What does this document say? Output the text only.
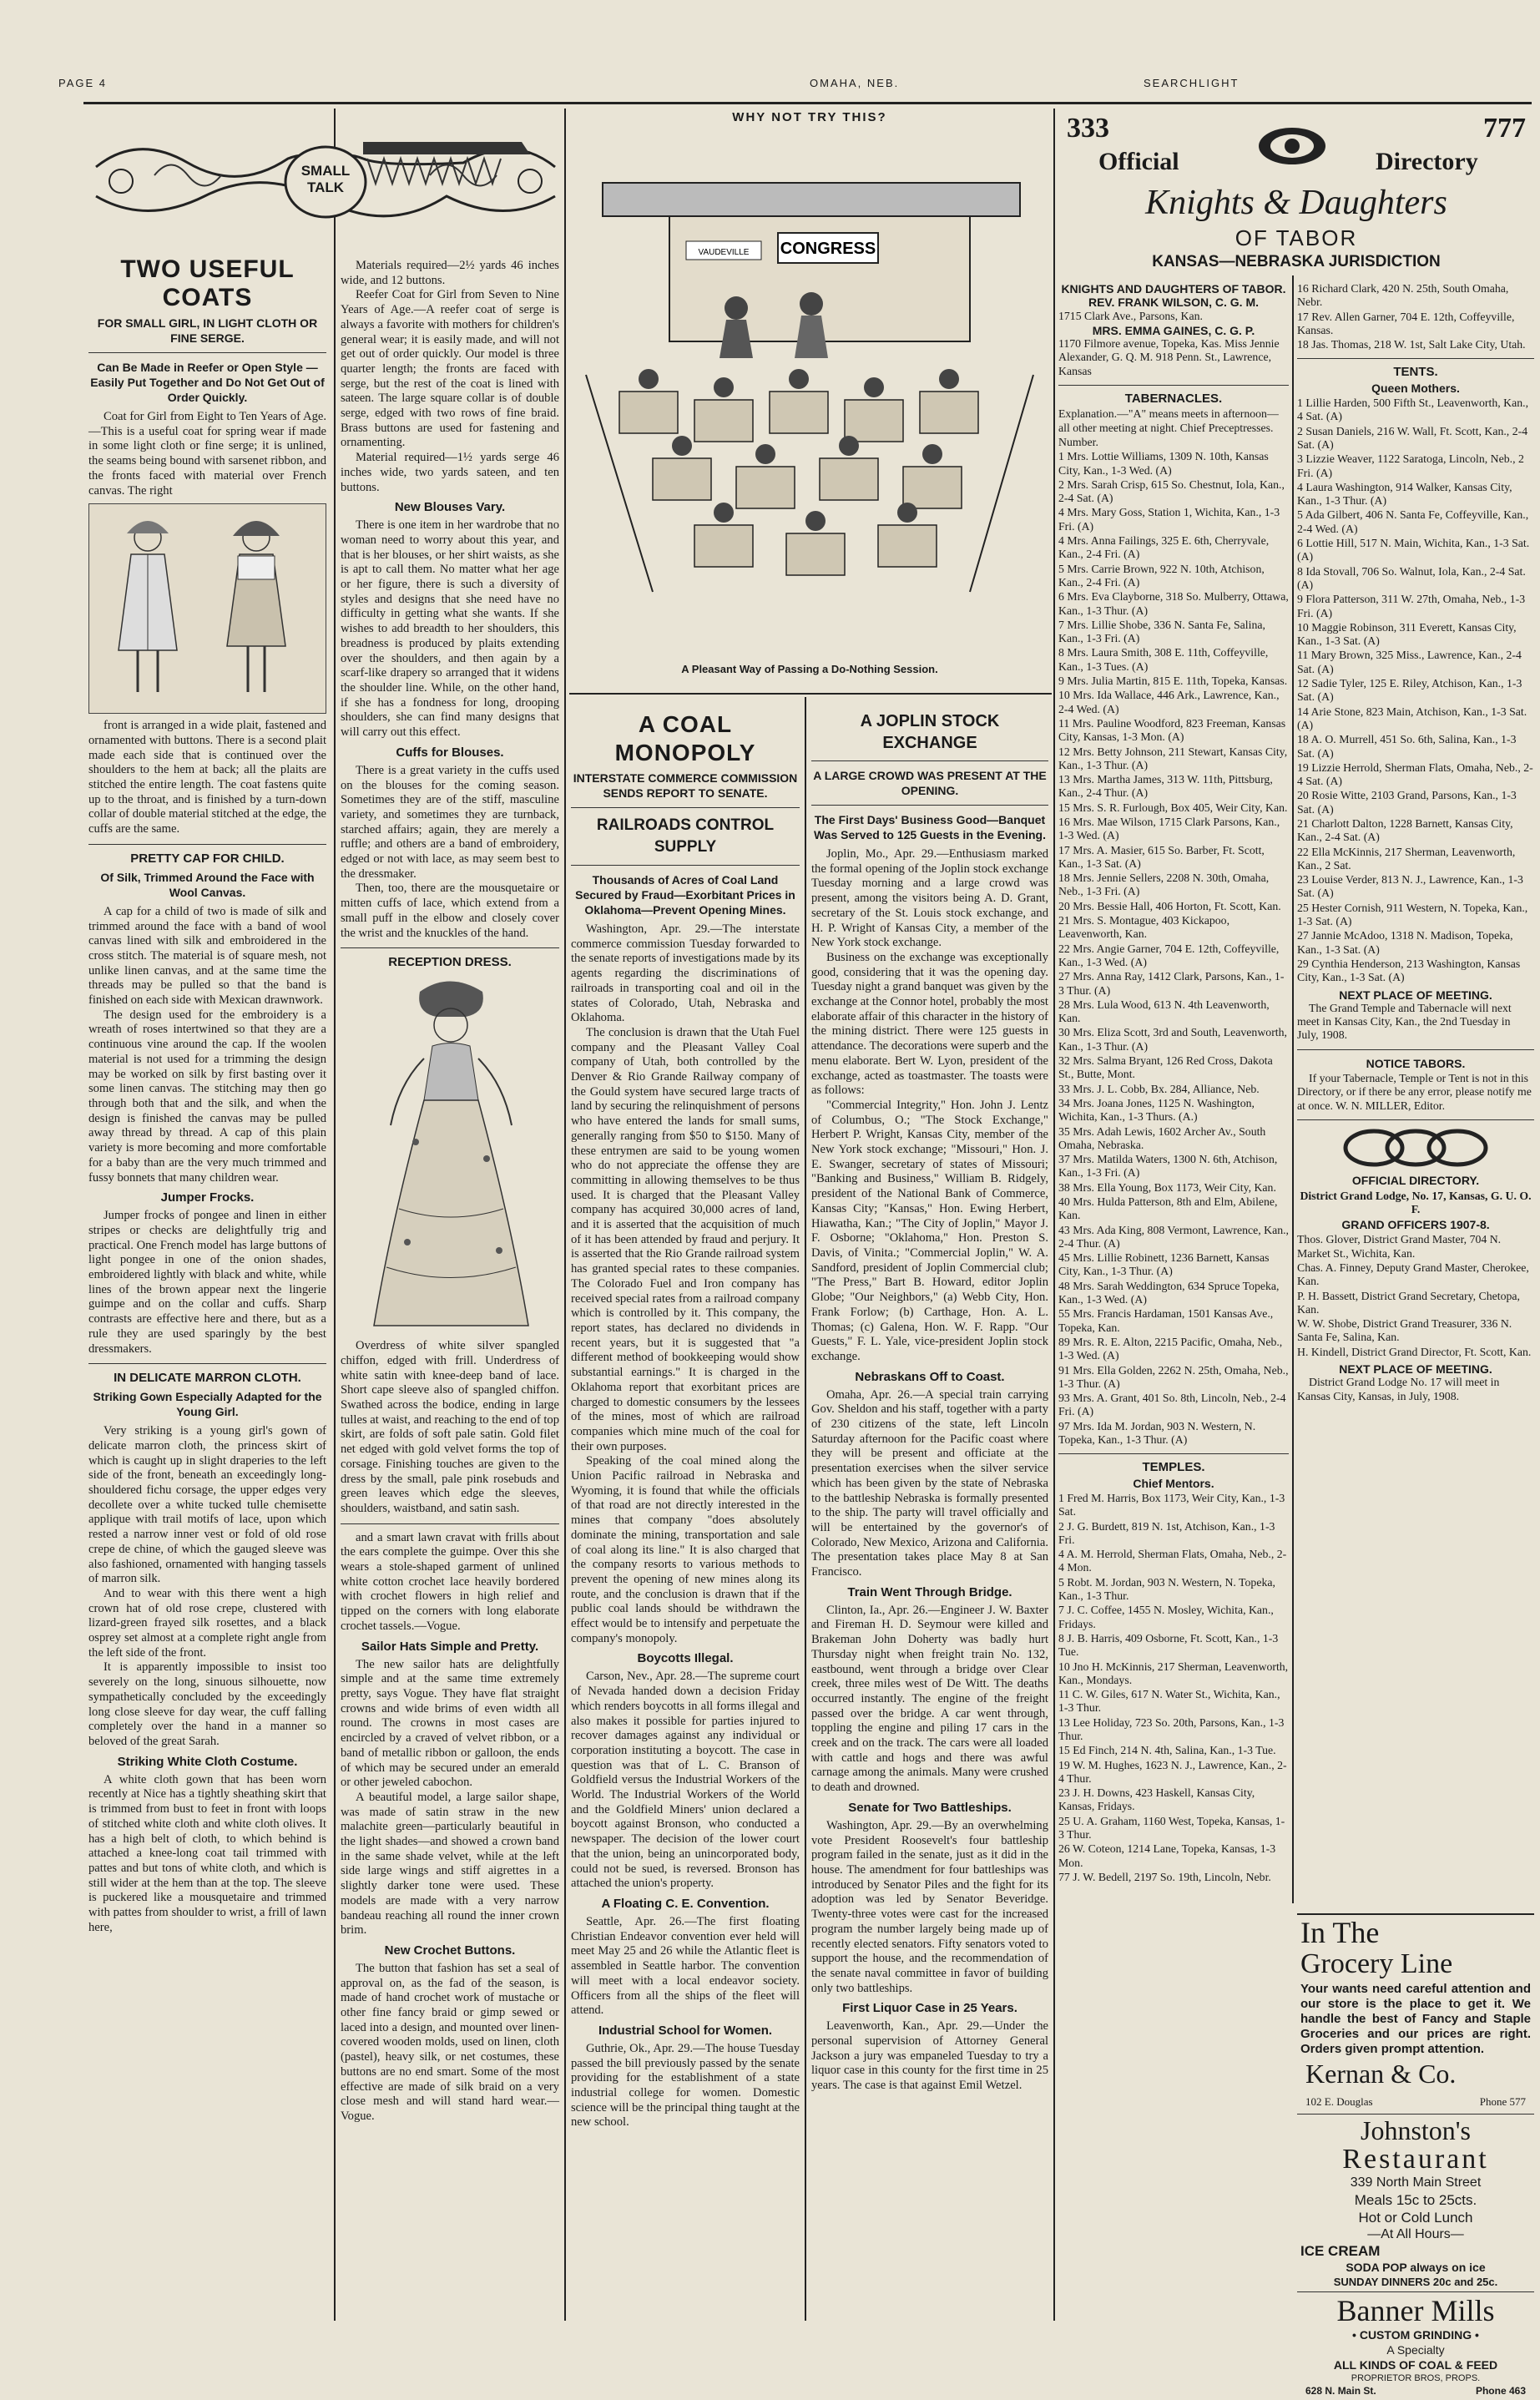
PAGE 4	OMAHA, NEB.	SEARCHLIGHT
SMALL TALK
TWO USEFUL COATS
FOR SMALL GIRL, IN LIGHT CLOTH OR FINE SERGE.
Can Be Made in Reefer or Open Style —Easily Put Together and Do Not Get Out of Order Quickly.

Coat for Girl from Eight to Ten Years of Age.—This is a useful coat for spring wear if made in some light cloth or fine serge; it is unlined, the seams being bound with sarsenet ribbon, and the fronts faced with material over French canvas. The right

front is arranged in a wide plait, fastened and ornamented with buttons. There is a second plait made each side that is continued over the shoulders to the hem at back; all the plaits are stitched the entire length. The coat fastens quite up to the throat, and is finished by a turn-down collar of double material stitched at the edge, the cuffs are the same.

PRETTY CAP FOR CHILD.
Of Silk, Trimmed Around the Face with Wool Canvas.

A cap for a child of two is made of silk and trimmed around the face with a band of wool canvas lined with silk and embroidered in the cross stitch. The material is of square mesh, not unlike linen canvas, and at the same time the threads may be pulled so that the band is finished on each side with Mexican drawnwork.

The design used for the embroidery is a wreath of roses intertwined so that they are a continuous vine around the cap. If the woolen material is not used for a trimming the design may be worked on silk by first basting over it some linen canvas. The stitching may then go through both that and the silk, and when the design is finished the canvas may be pulled away thread by thread. A cap of this plain variety is more becoming and more comfortable for a baby than are the very much trimmed and fussy bonnets that many children wear.

Jumper Frocks.

Jumper frocks of pongee and linen in either stripes or checks are delightfully trig and practical. One French model has large buttons of light pongee in one of the onion shades, embroidered lightly with black and white, while lines of the brown appear next the lingerie guimpe and on the collar and cuffs. Sharp contrasts are effective here and there, but as a rule they are used sparingly by the best dressmakers.

IN DELICATE MARRON CLOTH.
Striking Gown Especially Adapted for the Young Girl.

Very striking is a young girl's gown of delicate marron cloth, the princess skirt of which is caught up in slight draperies to the left side of the front, beneath an exceedingly long-shouldered fichu corsage, the upper edges very decollete over a white tucked tulle chemisette applique with trail motifs of lace, upon which rested a narrow inner vest or fold of old rose crepe de chine, of which the gauged sleeve was also fashioned, ornamented with hanging tassels of marron silk.

And to wear with this there went a high crown hat of old rose crepe, clustered with lizard-green frayed silk rosettes, and a black osprey set almost at a complete right angle from the left side of the front.

It is apparently impossible to insist too severely on the long, sinuous silhouette, now sympathetically concluded by the exceedingly long close sleeve for day wear, the cuff falling completely over the hand in a manner so beloved of the great Sarah.

Striking White Cloth Costume.

A white cloth gown that has been worn recently at Nice has a tightly sheathing skirt that is trimmed from bust to feet in front with loops of stitched white cloth and white cloth olives. It has a high belt of cloth, to which behind is attached a knee-long coat tail trimmed with pattes and but tons of white cloth, and which is still wider at the hem than at the top. The sleeve is puckered like a mousquetaire and trimmed with pattes from shoulder to wrist, a frill of lawn here,

Materials required—2½ yards 46 inches wide, and 12 buttons.

Reefer Coat for Girl from Seven to Nine Years of Age.—A reefer coat of serge is always a favorite with mothers for children's general wear; it is easily made, and will not get out of order quickly. Our model is three quarter length; the fronts are faced with serge, but the rest of the coat is lined with sateen. The large square collar is of double serge, edged with two rows of fine braid. Brass buttons are used for fastening and ornamenting.

Material required—1½ yards serge 46 inches wide, two yards sateen, and ten buttons.

New Blouses Vary.

There is one item in her wardrobe that no woman need to worry about this year, and that is her blouses, or her shirt waists, as she is apt to call them. No matter what her age or her figure, there is such a diversity of styles and designs that she need have no difficulty in getting what she wants. If she wishes to add breadth to her shoulders, this breadness is produced by plaits extending over the shoulders, and then again by a scarf-like drapery so arranged that it widens the shoulder line. While, on the other hand, if she has a fondness for long, drooping shoulders, she can find many designs that will carry out this effect.

Cuffs for Blouses.

There is a great variety in the cuffs used on the blouses for the coming season. Sometimes they are of the stiff, masculine variety, and sometimes they are turnback, starched affairs; again, they are merely a ruffle; and others are a band of embroidery, edged or not with lace, as may seem best to the dressmaker.

Then, too, there are the mousquetaire or mitten cuffs of lace, which extend from a small puff in the elbow and closely cover the wrist and the knuckles of the hand.

RECEPTION DRESS.

Overdress of white silver spangled chiffon, edged with frill. Underdress of white satin with knee-deep band of lace. Short cape sleeve also of spangled chiffon. Swathed across the bodice, ending in large tulles at waist, and reaching to the end of top skirt, are folds of soft pale satin. Gold filet net edged with gold velvet forms the top of corsage. Finishing touches are given to the dress by the small, pale pink rosebuds and green leaves which edge the sleeves, shoulders, waistband, and satin sash.

and a smart lawn cravat with frills about the ears complete the guimpe. Over this she wears a stole-shaped garment of unlined white cotton crochet lace heavily bordered with crochet flowers in high relief and tipped on the corners with long elaborate crochet tassels.—Vogue.

Sailor Hats Simple and Pretty.

The new sailor hats are delightfully simple and at the same time extremely pretty, says Vogue. They have flat straight crowns and wide brims of even width all round. The crowns in most cases are encircled by a craved of velvet ribbon, or a band of metallic ribbon or galloon, the ends of which may be secured under an emerald or other jeweled cabochon.

A beautiful model, a large sailor shape, was made of satin straw in the new malachite green—particularly beautiful in the light shades—and showed a crown band in the same shade velvet, while at the left side large wings and stiff aigrettes in a slightly darker tone were used. These models are made with a very narrow bandeau reaching all round the inner crown brim.

New Crochet Buttons.

The button that fashion has set a seal of approval on, as the fad of the season, is made of hand crochet work of mustache or other fine fancy braid or gimp sewed or laced into a design, and mounted over linen-covered wooden molds, used on linen, cloth (pastel), heavy silk, or net costumes, these buttons are no end smart. Some of the most effective are made of silk braid on a very close mesh and will stand hard wear.—Vogue.

WHY NOT TRY THIS?
CONGRESS
VAUDEVILLE
A Pleasant Way of Passing a Do-Nothing Session.
A COAL MONOPOLY
INTERSTATE COMMERCE COMMISSION SENDS REPORT TO SENATE.
RAILROADS CONTROL SUPPLY
Thousands of Acres of Coal Land Secured by Fraud—Exorbitant Prices in Oklahoma—Prevent Opening Mines.

Washington, Apr. 29.—The interstate commerce commission Tuesday forwarded to the senate reports of investigations made by its agents regarding the discriminations of railroads in transporting coal and oil in the states of Colorado, Utah, Nebraska and Oklahoma.

The conclusion is drawn that the Utah Fuel company and the Pleasant Valley Coal company of Utah, both controlled by the Denver & Rio Grande Railway company of the Gould system have secured large tracts of land by securing the relinquishment of persons who have entered the lands for small sums, generally ranging from $50 to $150. Many of these entrymen are said to be young women who do not appreciate the offense they are committing in allowing themselves to be thus used. It is charged that the Pleasant Valley company has acquired 30,000 acres of land, and it is asserted that the acquisition of much of it has been attended by fraud and perjury. It is asserted that the Rio Grande railroad system has granted special rates to these companies. The Colorado Fuel and Iron company has received special rates from a railroad company which is controlled by it. This company, the report states, has declared no dividends in recent years, but it is suggested that "a different method of bookkeeping would show substantial earnings." It is charged in the Oklahoma report that exorbitant prices are charged to domestic consumers by the lessees of the mines, most of which are railroad companies which mine much of the coal for their own purposes.

Speaking of the coal mined along the Union Pacific railroad in Nebraska and Wyoming, it is found that while the officials of that road are not directly interested in the mines that company "does absolutely dominate the mining, transportation and sale of coal along its line." It is also charged that the company resorts to various methods to prevent the opening of new mines along its route, and the conclusion is drawn that if the public coal lands should be withdrawn the effect would be to intensify and perpetuate the company's monopoly.

Boycotts Illegal.

Carson, Nev., Apr. 28.—The supreme court of Nevada handed down a decision Friday which renders boycotts in all forms illegal and also makes it possible for parties injured to recover damages against any individual or corporation instituting a boycott. The case in question was that of L. C. Branson of Goldfield versus the Industrial Workers of the World. The Industrial Workers of the World and the Goldfield Miners' union declared a boycott against Bronson, who conducted a newspaper. The decision of the lower court that the union, being an unincorporated body, could not be sued, is reversed. Bronson has attached the union's property.

A Floating C. E. Convention.

Seattle, Apr. 26.—The first floating Christian Endeavor convention ever held will meet May 25 and 26 while the Atlantic fleet is assembled in Seattle harbor. The convention will meet with a local endeavor society. Officers from all the ships of the fleet will attend.

Industrial School for Women.

Guthrie, Ok., Apr. 29.—The house Tuesday passed the bill previously passed by the senate providing for the establishment of a state industrial college for women. Domestic science will be the principal thing taught at the new school.

A JOPLIN STOCK EXCHANGE
A LARGE CROWD WAS PRESENT AT THE OPENING.
The First Days' Business Good—Banquet Was Served to 125 Guests in the Evening.

Joplin, Mo., Apr. 29.—Enthusiasm marked the formal opening of the Joplin stock exchange Tuesday morning and a large crowd was present, among the visitors being A. D. Grant, secretary of the St. Louis stock exchange, and H. P. Wright of Kansas City, a member of the New York stock exchange.

Business on the exchange was exceptionally good, considering that it was the opening day. Tuesday night a grand banquet was given by the exchange at the Connor hotel, probably the most elaborate affair of this character in the history of the mining district. There were 125 guests in attendance. The decorations were superb and the menu elaborate. Bert W. Lyon, president of the exchange, acted as toastmaster. The toasts were as follows:

"Commercial Integrity," Hon. John J. Lentz of Columbus, O.; "The Stock Exchange," Herbert P. Wright, Kansas City, member of the New York stock exchange; "Missouri," Hon. J. E. Swanger, secretary of states of Missouri; "Banking and Business," William B. Ridgely, president of the National Bank of Commerce, Kansas City; "Kansas," Hon. Ewing Herbert, Hiawatha, Kan.; "The City of Joplin," Mayor J. F. Osborne; "Oklahoma," Hon. Preston S. Davis, of Vinita.; "Commercial Joplin," W. A. Sandford, president of Joplin Commercial club; "The Press," Bart B. Howard, editor Joplin Globe; "Our Neighbors," (a) Webb City, Hon. Frank Forlow; (b) Carthage, Hon. A. L. Thomas; (c) Galena, Hon. W. F. Rapp. "Our Guests," F. L. Yale, vice-president Joplin stock exchange.

Nebraskans Off to Coast.

Omaha, Apr. 26.—A special train carrying Gov. Sheldon and his staff, together with a party of 230 citizens of the state, left Lincoln Saturday afternoon for the Pacific coast where they will be present and officiate at the presentation exercises when the silver service which has been given by the state of Nebraska to the battleship Nebraska is formally presented to the ship. The party will travel officially and will be entertained by the governor's of Colorado, New Mexico, Arizona and California. The presentation takes place May 8 at San Francisco.

Train Went Through Bridge.

Clinton, Ia., Apr. 26.—Engineer J. W. Baxter and Fireman H. D. Seymour were killed and Brakeman John Doherty was badly hurt Thursday night when freight train No. 132, eastbound, went through a bridge over Clear creek, three miles west of De Witt. The deaths occurred instantly. The engine of the freight passed over the bridge. A car went through, toppling the engine and piling 17 cars in the creek and on the track. The cars were all loaded with cattle and hogs and there was awful carnage among the animals. Many were crushed to death and drowned.

Senate for Two Battleships.

Washington, Apr. 29.—By an overwhelming vote President Roosevelt's four battleship program failed in the senate, just as it did in the house. The amendment for four battleships was introduced by Senator Piles and the fight for its adoption was led by Senator Beveridge. Twenty-three votes were cast for the increased program the number largely being made up of recently elected senators. Fifty senators voted to support the house, and the recommendation of the senate naval committee in favor of building only two battleships.

First Liquor Case in 25 Years.

Leavenworth, Kan., Apr. 29.—Under the personal supervision of Attorney General Jackson a jury was empaneled Tuesday to try a liquor case in this county for the first time in 25 years. The case is that against Emil Wetzel.

333	777
Official	Directory
Knights & Daughters
OF TABOR
KANSAS—NEBRASKA JURISDICTION
KNIGHTS AND DAUGHTERS OF TABOR.
REV. FRANK WILSON, C. G. M.

1715 Clark Ave., Parsons, Kan.

MRS. EMMA GAINES, C. G. P.

1170 Filmore avenue, Topeka, Kas. Miss Jennie Alexander, G. Q. M. 918 Penn. St., Lawrence, Kansas

TABERNACLES.

Explanation.—"A" means meets in afternoon—all other meeting at night. Chief Preceptresses.

Number.

1 Mrs. Lottie Williams, 1309 N. 10th, Kansas City, Kan., 1-3 Wed. (A)

2 Mrs. Sarah Crisp, 615 So. Chestnut, Iola, Kan., 2-4 Sat. (A)

4 Mrs. Mary Goss, Station 1, Wichita, Kan., 1-3 Fri. (A)

4 Mrs. Anna Failings, 325 E. 6th, Cherryvale, Kan., 2-4 Fri. (A)

5 Mrs. Carrie Brown, 922 N. 10th, Atchison, Kan., 2-4 Fri. (A)

6 Mrs. Eva Clayborne, 318 So. Mulberry, Ottawa, Kan., 1-3 Thur. (A)

7 Mrs. Lillie Shobe, 336 N. Santa Fe, Salina, Kan., 1-3 Fri. (A)

8 Mrs. Laura Smith, 308 E. 11th, Coffeyville, Kan., 1-3 Tues. (A)

9 Mrs. Julia Martin, 815 E. 11th, Topeka, Kansas.

10 Mrs. Ida Wallace, 446 Ark., Lawrence, Kan., 2-4 Wed. (A)

11 Mrs. Pauline Woodford, 823 Freeman, Kansas City, Kansas, 1-3 Mon. (A)

12 Mrs. Betty Johnson, 211 Stewart, Kansas City, Kan., 1-3 Thur. (A)

13 Mrs. Martha James, 313 W. 11th, Pittsburg, Kan., 2-4 Thur. (A)

15 Mrs. S. R. Furlough, Box 405, Weir City, Kan.

16 Mrs. Mae Wilson, 1715 Clark Parsons, Kan., 1-3 Wed. (A)

17 Mrs. A. Masier, 615 So. Barber, Ft. Scott, Kan., 1-3 Sat. (A)

18 Mrs. Jennie Sellers, 2208 N. 30th, Omaha, Neb., 1-3 Fri. (A)

20 Mrs. Bessie Hall, 406 Horton, Ft. Scott, Kan.

21 Mrs. S. Montague, 403 Kickapoo, Leavenworth, Kan.

22 Mrs. Angie Garner, 704 E. 12th, Coffeyville, Kan., 1-3 Wed. (A)

27 Mrs. Anna Ray, 1412 Clark, Parsons, Kan., 1-3 Thur. (A)

28 Mrs. Lula Wood, 613 N. 4th Leavenworth, Kan.

30 Mrs. Eliza Scott, 3rd and South, Leavenworth, Kan., 1-3 Thur. (A)

32 Mrs. Salma Bryant, 126 Red Cross, Dakota St., Butte, Mont.

33 Mrs. J. L. Cobb, Bx. 284, Alliance, Neb.

34 Mrs. Joana Jones, 1125 N. Washington, Wichita, Kan., 1-3 Thurs. (A.)

35 Mrs. Adah Lewis, 1602 Archer Av., South Omaha, Nebraska.

37 Mrs. Matilda Waters, 1300 N. 6th, Atchison, Kan., 1-3 Fri. (A)

38 Mrs. Ella Young, Box 1173, Weir City, Kan.

40 Mrs. Hulda Patterson, 8th and Elm, Abilene, Kan.

43 Mrs. Ada King, 808 Vermont, Lawrence, Kan., 2-4 Thur. (A)

45 Mrs. Lillie Robinett, 1236 Barnett, Kansas City, Kan., 1-3 Thur. (A)

48 Mrs. Sarah Weddington, 634 Spruce Topeka, Kan., 1-3 Wed. (A)

55 Mrs. Francis Hardaman, 1501 Kansas Ave., Topeka, Kan.

89 Mrs. R. E. Alton, 2215 Pacific, Omaha, Neb., 1-3 Wed. (A)

91 Mrs. Ella Golden, 2262 N. 25th, Omaha, Neb., 1-3 Thur. (A)

93 Mrs. A. Grant, 401 So. 8th, Lincoln, Neb., 2-4 Fri. (A)

97 Mrs. Ida M. Jordan, 903 N. Western, N. Topeka, Kan., 1-3 Thur. (A)

TEMPLES.
Chief Mentors.

1 Fred M. Harris, Box 1173, Weir City, Kan., 1-3 Sat.

2 J. G. Burdett, 819 N. 1st, Atchison, Kan., 1-3 Fri.

4 A. M. Herrold, Sherman Flats, Omaha, Neb., 2-4 Mon.

5 Robt. M. Jordan, 903 N. Western, N. Topeka, Kan., 1-3 Thur.

7 J. C. Coffee, 1455 N. Mosley, Wichita, Kan., Fridays.

8 J. B. Harris, 409 Osborne, Ft. Scott, Kan., 1-3 Tue.

10 Jno H. McKinnis, 217 Sherman, Leavenworth, Kan., Mondays.

11 C. W. Giles, 617 N. Water St., Wichita, Kan., 1-3 Thur.

13 Lee Holiday, 723 So. 20th, Parsons, Kan., 1-3 Thur.

15 Ed Finch, 214 N. 4th, Salina, Kan., 1-3 Tue.

19 W. M. Hughes, 1623 N. J., Lawrence, Kan., 2-4 Thur.

23 J. H. Downs, 423 Haskell, Kansas City, Kansas, Fridays.

25 U. A. Graham, 1160 West, Topeka, Kansas, 1-3 Thur.

26 W. Coteon, 1214 Lane, Topeka, Kansas, 1-3 Mon.

77 J. W. Bedell, 2197 So. 19th, Lincoln, Nebr.

16 Richard Clark, 420 N. 25th, South Omaha, Nebr.

17 Rev. Allen Garner, 704 E. 12th, Coffeyville, Kansas.

18 Jas. Thomas, 218 W. 1st, Salt Lake City, Utah.

TENTS.
Queen Mothers.

1 Lillie Harden, 500 Fifth St., Leavenworth, Kan., 4 Sat. (A)

2 Susan Daniels, 216 W. Wall, Ft. Scott, Kan., 2-4 Sat. (A)

3 Lizzie Weaver, 1122 Saratoga, Lincoln, Neb., 2 Fri. (A)

4 Laura Washington, 914 Walker, Kansas City, Kan., 1-3 Thur. (A)

5 Ada Gilbert, 406 N. Santa Fe, Coffeyville, Kan., 2-4 Wed. (A)

6 Lottie Hill, 517 N. Main, Wichita, Kan., 1-3 Sat. (A)

8 Ida Stovall, 706 So. Walnut, Iola, Kan., 2-4 Sat. (A)

9 Flora Patterson, 311 W. 27th, Omaha, Neb., 1-3 Fri. (A)

10 Maggie Robinson, 311 Everett, Kansas City, Kan., 1-3 Sat. (A)

11 Mary Brown, 325 Miss., Lawrence, Kan., 2-4 Sat. (A)

12 Sadie Tyler, 125 E. Riley, Atchison, Kan., 1-3 Sat. (A)

14 Arie Stone, 823 Main, Atchison, Kan., 1-3 Sat. (A)

18 A. O. Murrell, 451 So. 6th, Salina, Kan., 1-3 Sat. (A)

19 Lizzie Herrold, Sherman Flats, Omaha, Neb., 2-4 Sat. (A)

20 Rosie Witte, 2103 Grand, Parsons, Kan., 1-3 Sat. (A)

21 Charlott Dalton, 1228 Barnett, Kansas City, Kan., 2-4 Sat. (A)

22 Ella McKinnis, 217 Sherman, Leavenworth, Kan., 2 Sat.

23 Louise Verder, 813 N. J., Lawrence, Kan., 1-3 Sat. (A)

25 Hester Cornish, 911 Western, N. Topeka, Kan., 1-3 Sat. (A)

27 Jannie McAdoo, 1318 N. Madison, Topeka, Kan., 1-3 Sat. (A)

29 Cynthia Henderson, 213 Washington, Kansas City, Kan., 1-3 Sat. (A)

NEXT PLACE OF MEETING.

The Grand Temple and Tabernacle will next meet in Kansas City, Kan., the 2nd Tuesday in July, 1908.

NOTICE TABORS.

If your Tabernacle, Temple or Tent is not in this Directory, or if there be any error, please notify me at once. W. N. MILLER, Editor.

OFFICIAL DIRECTORY.

District Grand Lodge, No. 17, Kansas, G. U. O. F.

GRAND OFFICERS 1907-8.

Thos. Glover, District Grand Master, 704 N. Market St., Wichita, Kan.

Chas. A. Finney, Deputy Grand Master, Cherokee, Kan.

P. H. Bassett, District Grand Secretary, Chetopa, Kan.

W. W. Shobe, District Grand Treasurer, 336 N. Santa Fe, Salina, Kan.

H. Kindell, District Grand Director, Ft. Scott, Kan.

NEXT PLACE OF MEETING.

District Grand Lodge No. 17 will meet in Kansas City, Kansas, in July, 1908.

In The
Grocery Line
Your wants need careful attention and our store is the place to get it. We handle the best of Fancy and Staple Groceries and our prices are right. Orders given prompt attention.
Kernan & Co.
102 E. Douglas	Phone 577
Johnston's
Restaurant
339 North Main Street
Meals 15c to 25cts.
Hot or Cold Lunch
—At All Hours—
ICE CREAM
SODA POP always on ice
SUNDAY DINNERS 20c and 25c.
Banner Mills
• CUSTOM GRINDING •
A Specialty
ALL KINDS OF COAL & FEED
PROPRIETOR BROS, PROPS.
628 N. Main St.	Phone 463
